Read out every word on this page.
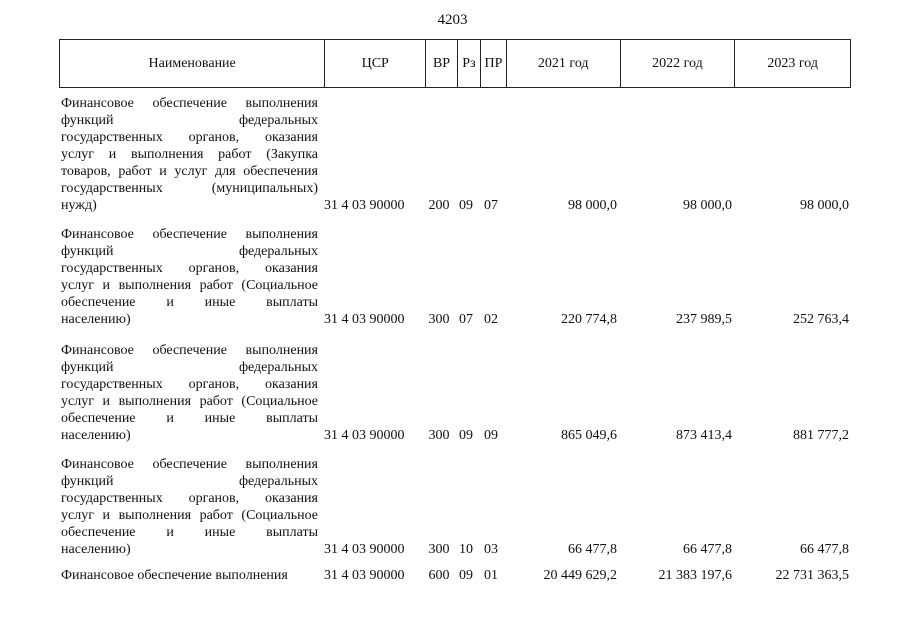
4203
Наименование	ЦСР	ВР Рз ПР	2021 год	2022 год	2023 год
Финансовое обеспечение выполнения
функций федеральных
государственных органов, оказания
услуг и выполнения работ (Закупка
товаров, работ и услуг для обеспечения
государственных (муниципальных)
нужд)	31 4 03 90000	200 09 07	98 000,0	98 000,0	98 000,0
Финансовое обеспечение выполнения
функций федеральных
государственных органов, оказания
услуг и выполнения работ (Социальное
обеспечение и иные выплаты
населению)	31 4 03 90000	300 07 02	220 774,8	237 989,5	252 763,4
Финансовое обеспечение выполнения
функций федеральных
государственных органов, оказания
услуг и выполнения работ (Социальное
обеспечение и иные выплаты
населению)	31 4 03 90000	300 09 09	865 049,6	873 413,4	881 777,2
Финансовое обеспечение выполнения
функций федеральных
государственных органов, оказания
услуг и выполнения работ (Социальное
обеспечение и иные выплаты
населению)	31 4 03 90000	300 10 03	66 477,8	66 477,8	66 477,8
Финансовое обеспечение выполнения	31 4 03 90000	600 09 01	20 449 629,2	21 383 197,6	22 731 363,5
